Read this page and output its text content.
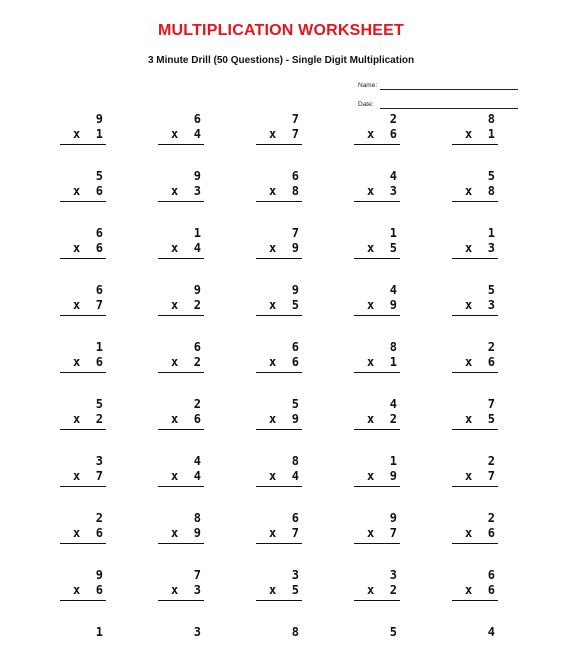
MULTIPLICATION WORKSHEET
3 Minute Drill (50 Questions) - Single Digit Multiplication
Name:
Date:
9
x 1
6
x 4
7
x 7
2
x 6
8
x 1
5
x 6
9
x 3
6
x 8
4
x 3
5
x 8
6
x 6
1
x 4
7
x 9
1
x 5
1
x 3
6
x 7
9
x 2
9
x 5
4
x 9
5
x 3
1
x 6
6
x 2
6
x 6
8
x 1
2
x 6
5
x 2
2
x 6
5
x 9
4
x 2
7
x 5
3
x 7
4
x 4
8
x 4
1
x 9
2
x 7
2
x 6
8
x 9
6
x 7
9
x 7
2
x 6
9
x 6
7
x 3
3
x 5
3
x 2
6
x 6
1	3	8	5	4
